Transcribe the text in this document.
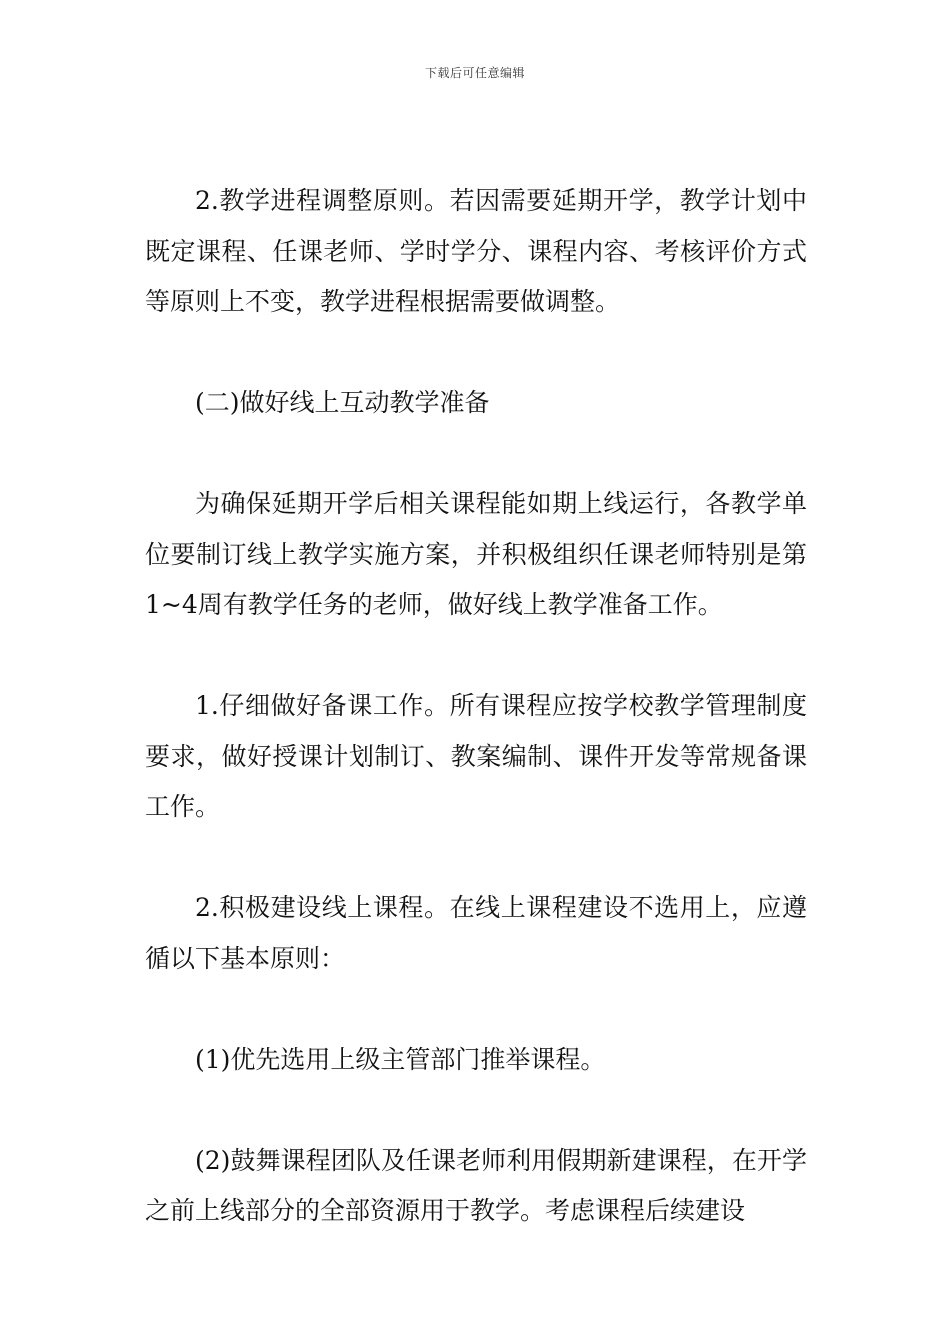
下载后可任意编辑

2.教学进程调整原则。若因需要延期开学，教学计划中既定课程、任课老师、学时学分、课程内容、考核评价方式等原则上不变，教学进程根据需要做调整。

(二)做好线上互动教学准备

为确保延期开学后相关课程能如期上线运行，各教学单位要制订线上教学实施方案，并积极组织任课老师特别是第1~4周有教学任务的老师，做好线上教学准备工作。

1.仔细做好备课工作。所有课程应按学校教学管理制度要求，做好授课计划制订、教案编制、课件开发等常规备课工作。

2.积极建设线上课程。在线上课程建设不选用上，应遵循以下基本原则：

(1)优先选用上级主管部门推举课程。

(2)鼓舞课程团队及任课老师利用假期新建课程，在开学之前上线部分的全部资源用于教学。考虑课程后续建设
